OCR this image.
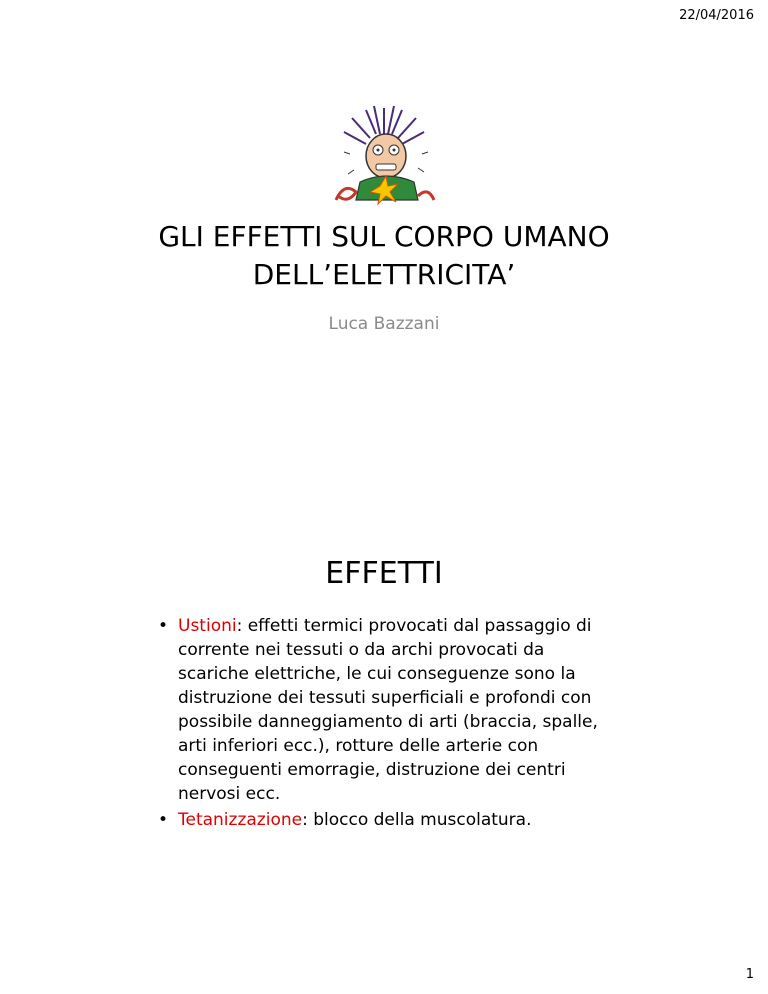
22/04/2016
GLI EFFETTI SUL CORPO UMANO
DELL’ELETTRICITA’
Luca Bazzani
EFFETTI
• Ustioni: effetti termici provocati dal passaggio di corrente nei tessuti o da archi provocati da scariche elettriche, le cui conseguenze sono la distruzione dei tessuti superficiali e profondi con possibile danneggiamento di arti (braccia, spalle, arti inferiori ecc.), rotture delle arterie con conseguenti emorragie, distruzione dei centri nervosi ecc.
• Tetanizzazione: blocco della muscolatura.
1
